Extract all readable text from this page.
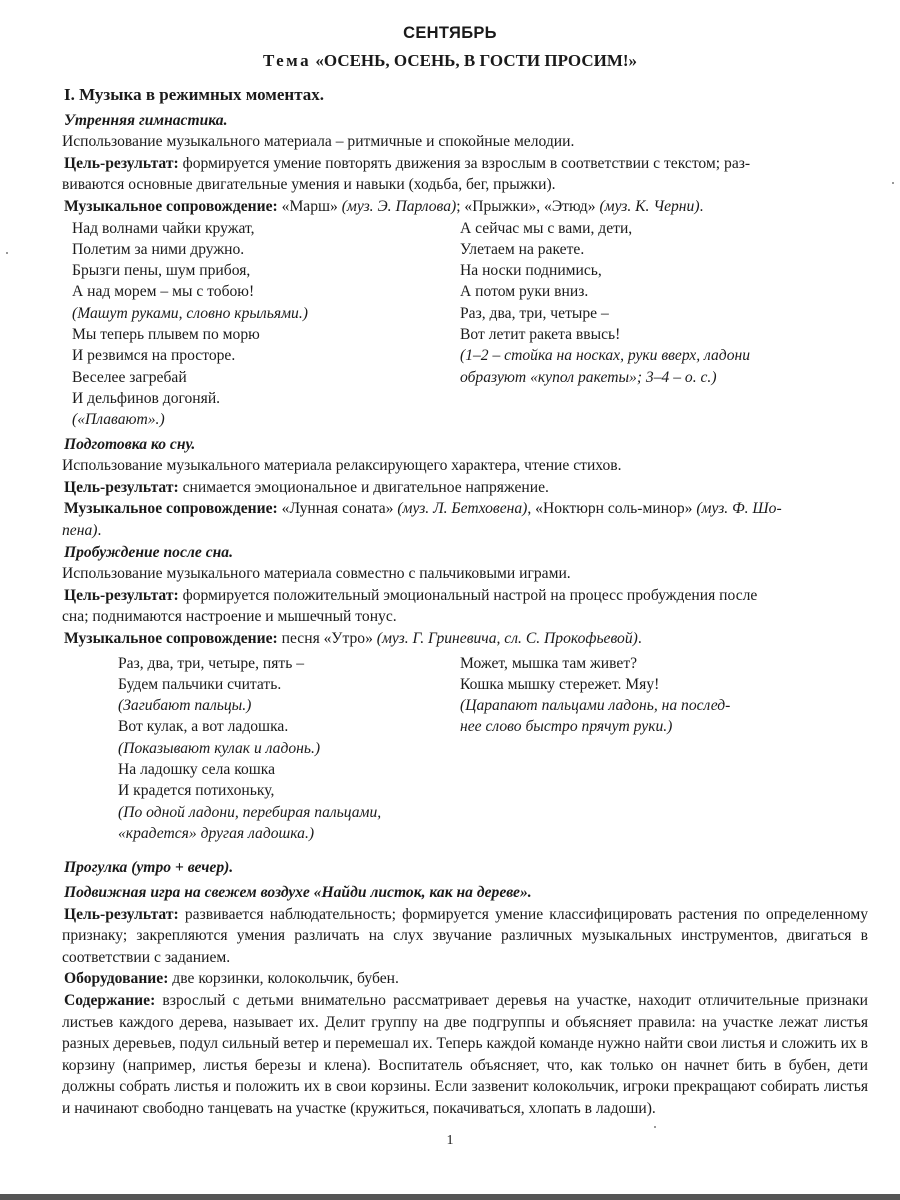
СЕНТЯБРЬ
Тема «ОСЕНЬ, ОСЕНЬ, В ГОСТИ ПРОСИМ!»

I. Музыка в режимных моментах.

Утренняя гимнастика.

Использование музыкального материала – ритмичные и спокойные мелодии.

Цель-результат: формируется умение повторять движения за взрослым в соответствии с текстом; раз-

виваются основные двигательные умения и навыки (ходьба, бег, прыжки).

Музыкальное сопровождение: «Марш» (муз. Э. Парлова); «Прыжки», «Этюд» (муз. К. Черни).

Над волнами чайки кружат,
Полетим за ними дружно.
Брызги пены, шум прибоя,
А над морем – мы с тобою!
(Машут руками, словно крыльями.)
Мы теперь плывем по морю
И резвимся на просторе.
Веселее загребай
И дельфинов догоняй.
(«Плавают».)
А сейчас мы с вами, дети,
Улетаем на ракете.
На носки поднимись,
А потом руки вниз.
Раз, два, три, четыре –
Вот летит ракета ввысь!
(1–2 – стойка на носках, руки вверх, ладони
образуют «купол ракеты»; 3–4 – о. с.)

Подготовка ко сну.

Использование музыкального материала релаксирующего характера, чтение стихов.

Цель-результат: снимается эмоциональное и двигательное напряжение.

Музыкальное сопровождение: «Лунная соната» (муз. Л. Бетховена), «Ноктюрн соль-минор» (муз. Ф. Шо-

пена).

Пробуждение после сна.

Использование музыкального материала совместно с пальчиковыми играми.

Цель-результат: формируется положительный эмоциональный настрой на процесс пробуждения после

сна; поднимаются настроение и мышечный тонус.

Музыкальное сопровождение: песня «Утро» (муз. Г. Гриневича, сл. С. Прокофьевой).

Раз, два, три, четыре, пять –
Будем пальчики считать.
(Загибают пальцы.)
Вот кулак, а вот ладошка.
(Показывают кулак и ладонь.)
На ладошку села кошка
И крадется потихоньку,
(По одной ладони, перебирая пальцами,
«крадется» другая ладошка.)
Может, мышка там живет?
Кошка мышку стережет. Мяу!
(Царапают пальцами ладонь, на послед-
нее слово быстро прячут руки.)

Прогулка (утро + вечер).

Подвижная игра на свежем воздухе «Найди листок, как на дереве».

Цель-результат: развивается наблюдательность; формируется умение классифицировать растения по определенному признаку; закрепляются умения различать на слух звучание различных музыкальных инструментов, двигаться в соответствии с заданием.

Оборудование: две корзинки, колокольчик, бубен.

Содержание: взрослый с детьми внимательно рассматривает деревья на участке, находит отличительные признаки листьев каждого дерева, называет их. Делит группу на две подгруппы и объясняет правила: на участке лежат листья разных деревьев, подул сильный ветер и перемешал их. Теперь каждой команде нужно найти свои листья и сложить их в корзину (например, листья березы и клена). Воспитатель объясняет, что, как только он начнет бить в бубен, дети должны собрать листья и положить их в свои корзины. Если зазвенит колокольчик, игроки прекращают собирать листья и начинают свободно танцевать на участке (кружиться, покачиваться, хлопать в ладоши).

1
